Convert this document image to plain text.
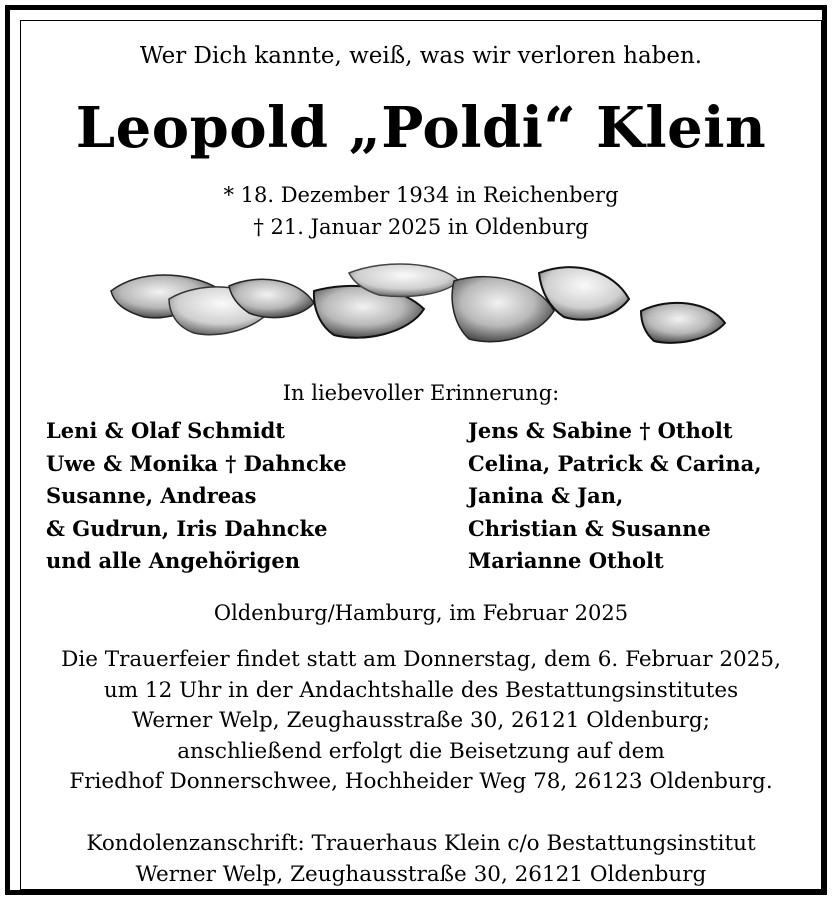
Wer Dich kannte, weiß, was wir verloren haben.
Leopold „Poldi“ Klein
* 18. Dezember 1934 in Reichenberg
† 21. Januar 2025 in Oldenburg
In liebevoller Erinnerung:
Leni & Olaf Schmidt
Uwe & Monika † Dahncke
Susanne, Andreas
& Gudrun, Iris Dahncke
und alle Angehörigen
Jens & Sabine † Otholt
Celina, Patrick & Carina,
Janina & Jan,
Christian & Susanne
Marianne Otholt
Oldenburg/Hamburg, im Februar 2025
Die Trauerfeier findet statt am Donnerstag, dem 6. Februar 2025,
um 12 Uhr in der Andachtshalle des Bestattungsinstitutes
Werner Welp, Zeughausstraße 30, 26121 Oldenburg;
anschließend erfolgt die Beisetzung auf dem
Friedhof Donnerschwee, Hochheider Weg 78, 26123 Oldenburg.
Kondolenzanschrift: Trauerhaus Klein c/o Bestattungsinstitut
Werner Welp, Zeughausstraße 30, 26121 Oldenburg
